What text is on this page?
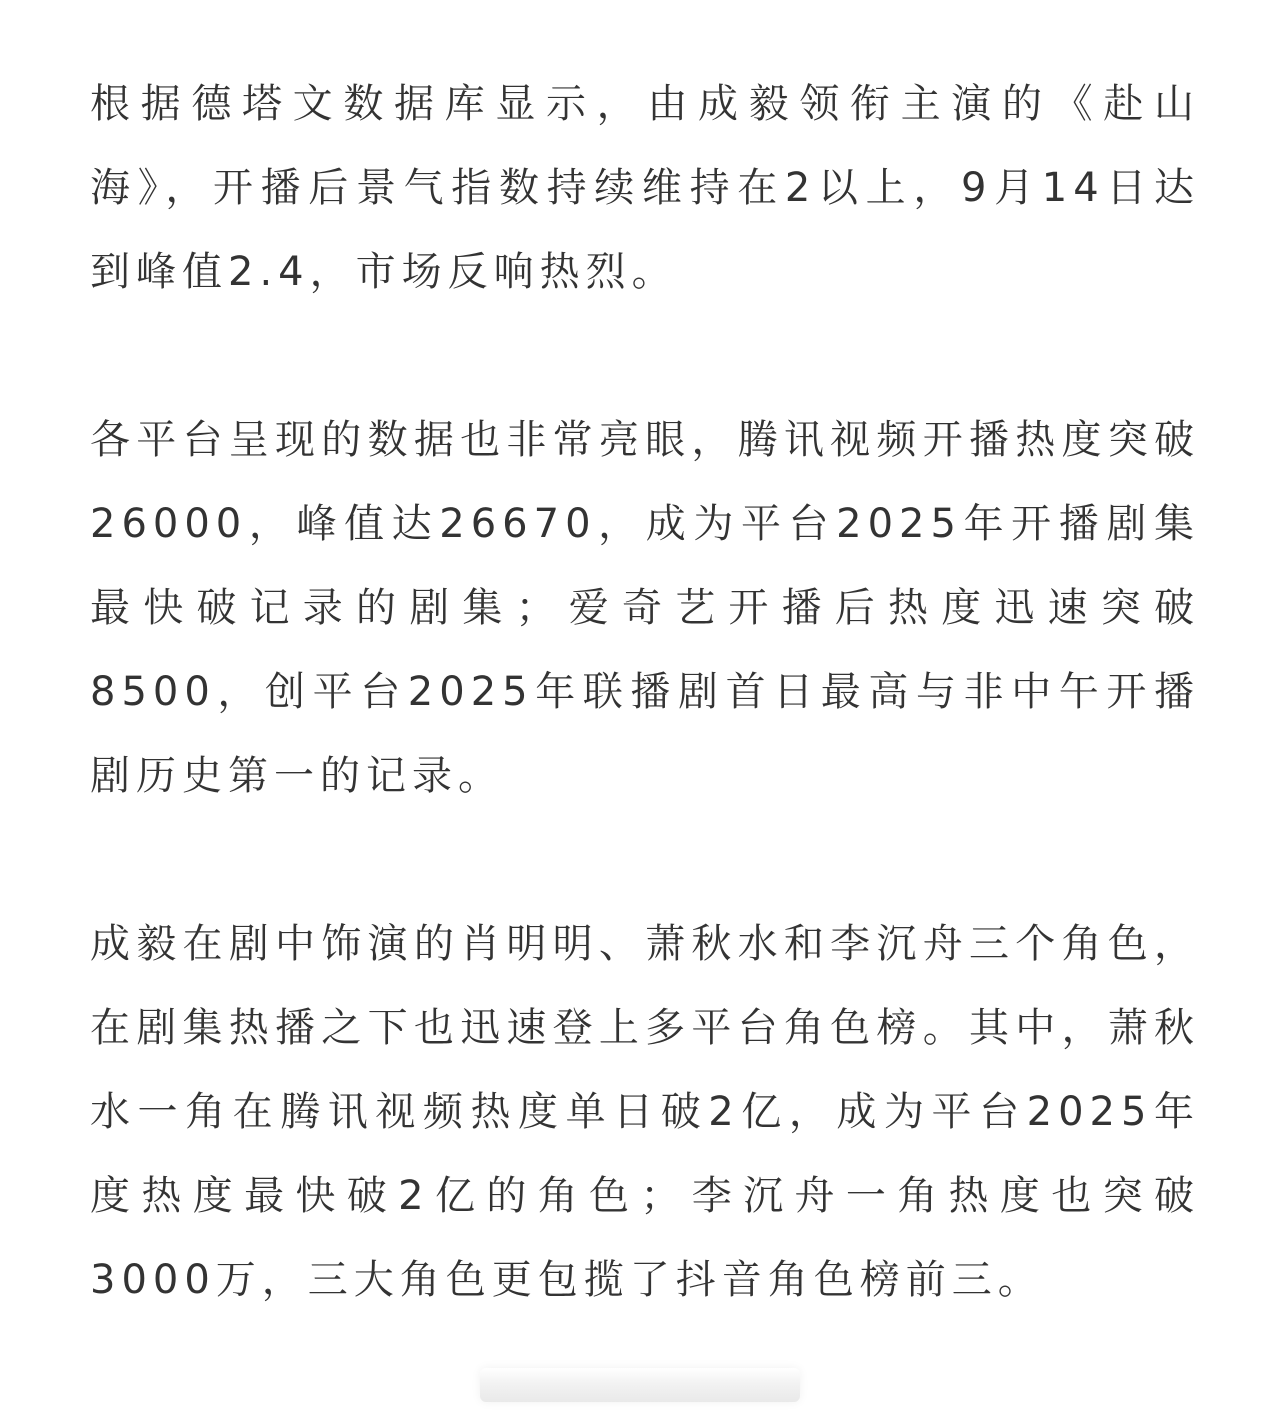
根据德塔文数据库显示，由成毅领衔主演的《赴山海》，开播后景气指数持续维持在2以上，9月14日达到峰值2.4，市场反响热烈。

各平台呈现的数据也非常亮眼，腾讯视频开播热度突破26000，峰值达26670，成为平台2025年开播剧集最快破记录的剧集；爱奇艺开播后热度迅速突破8500，创平台2025年联播剧首日最高与非中午开播剧历史第一的记录。

成毅在剧中饰演的肖明明、萧秋水和李沉舟三个角色，在剧集热播之下也迅速登上多平台角色榜。其中，萧秋水一角在腾讯视频热度单日破2亿，成为平台2025年度热度最快破2亿的角色；李沉舟一角热度也突破3000万，三大角色更包揽了抖音角色榜前三。
